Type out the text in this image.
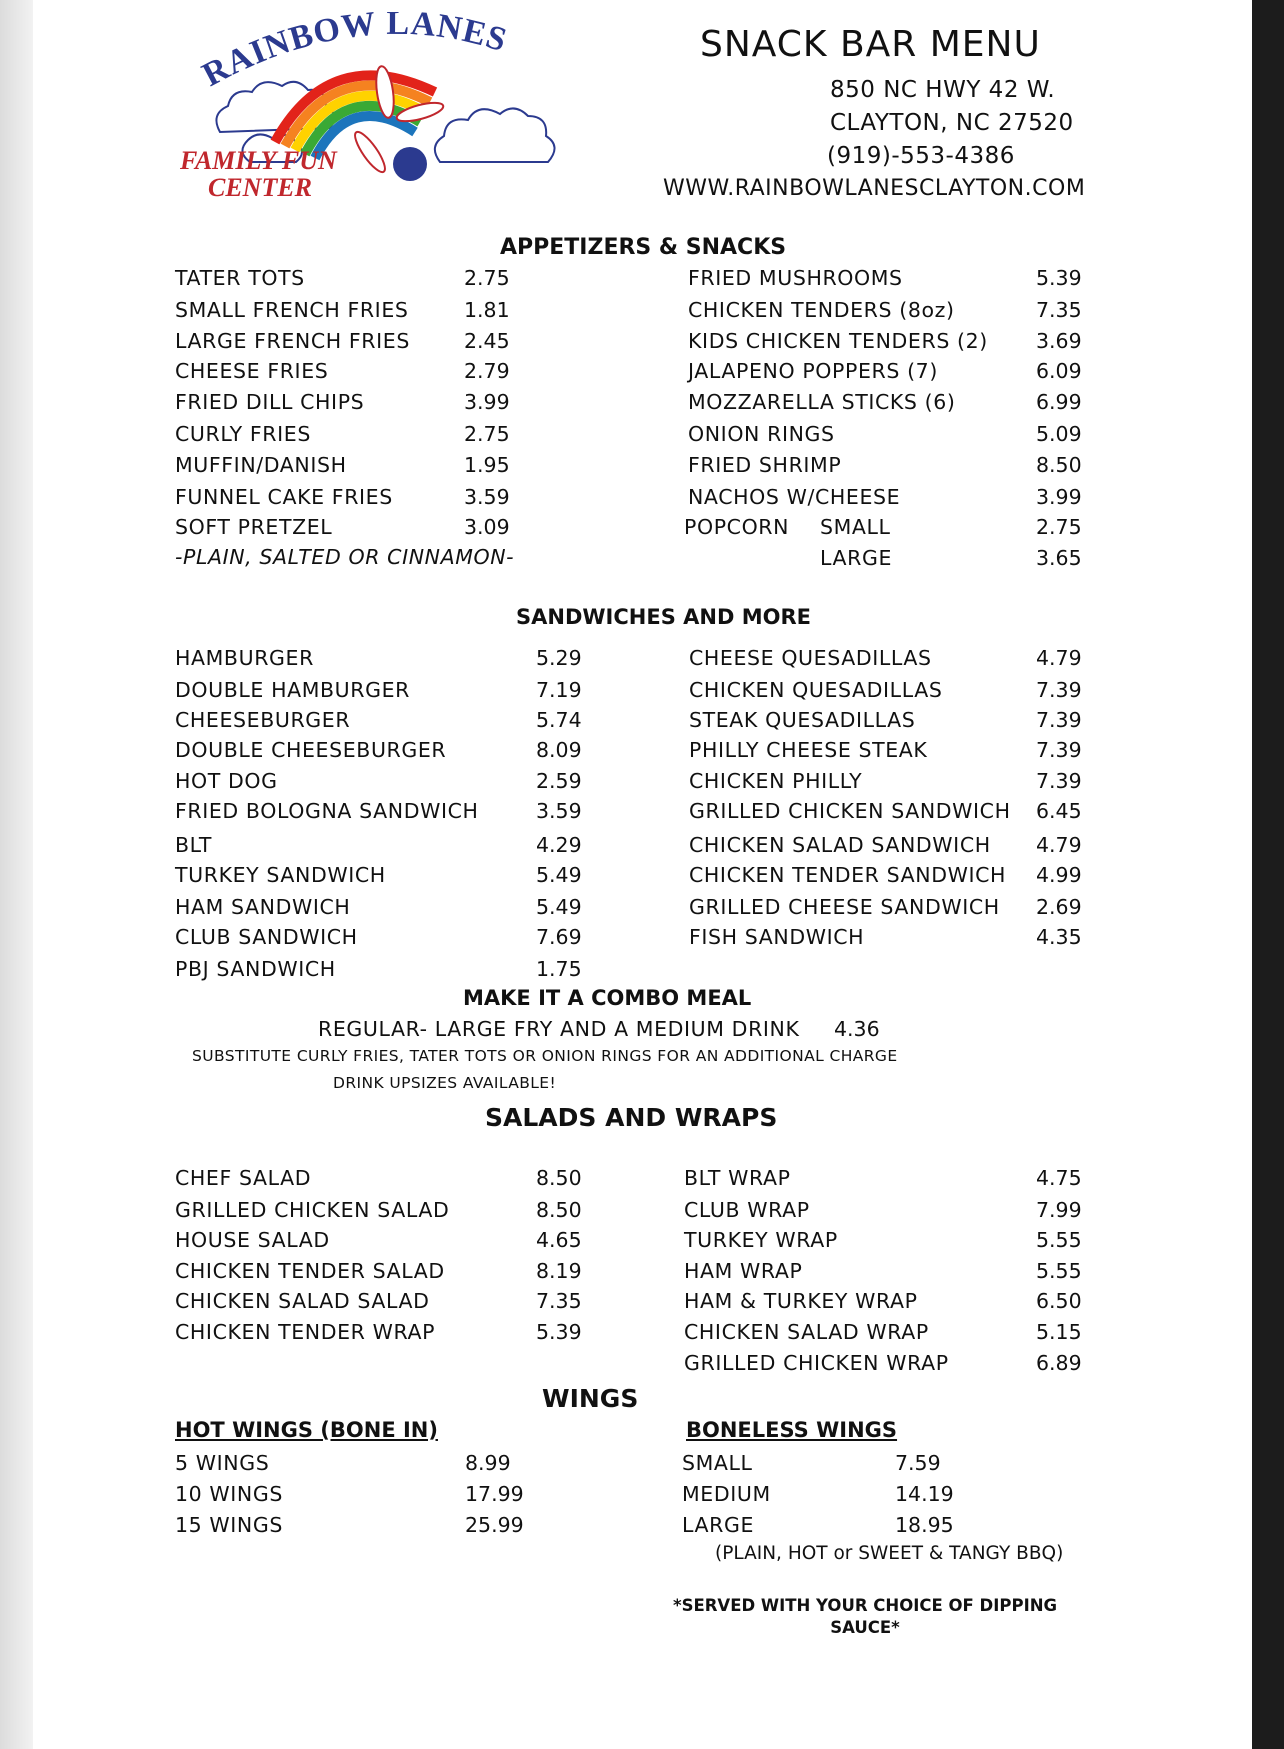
RAINBOW LANES
FAMILY FUN
CENTER
SNACK BAR MENU
850 NC HWY 42 W.
CLAYTON, NC 27520
(919)-553-4386
WWW.RAINBOWLANESCLAYTON.COM
APPETIZERS & SNACKS
TATER TOTS	2.75
SMALL FRENCH FRIES	1.81
LARGE FRENCH FRIES	2.45
CHEESE FRIES	2.79
FRIED DILL CHIPS	3.99
CURLY FRIES	2.75
MUFFIN/DANISH	1.95
FUNNEL CAKE FRIES	3.59
SOFT PRETZEL	3.09
FRIED MUSHROOMS	5.39
CHICKEN TENDERS (8oz)	7.35
KIDS CHICKEN TENDERS (2) 3.69
JALAPENO POPPERS (7)	6.09
MOZZARELLA STICKS (6)	6.99
ONION RINGS	5.09
FRIED SHRIMP	8.50
NACHOS W/CHEESE	3.99
-PLAIN, SALTED OR CINNAMON-
POPCORN SMALL	2.75
LARGE	3.65
SANDWICHES AND MORE
HAMBURGER	5.29
DOUBLE HAMBURGER	7.19
CHEESEBURGER	5.74
DOUBLE CHEESEBURGER	8.09
HOT DOG	2.59
FRIED BOLOGNA SANDWICH	3.59
BLT	4.29
TURKEY SANDWICH	5.49
HAM SANDWICH	5.49
CLUB SANDWICH	7.69
PBJ SANDWICH	1.75
CHEESE QUESADILLAS	4.79
CHICKEN QUESADILLAS	7.39
STEAK QUESADILLAS	7.39
PHILLY CHEESE STEAK	7.39
CHICKEN PHILLY	7.39
GRILLED CHICKEN SANDWICH 6.45
CHICKEN SALAD SANDWICH 4.79
CHICKEN TENDER SANDWICH 4.99
GRILLED CHEESE SANDWICH 2.69
FISH SANDWICH	4.35
MAKE IT A COMBO MEAL
REGULAR- LARGE FRY AND A MEDIUM DRINK 4.36
SUBSTITUTE CURLY FRIES, TATER TOTS OR ONION RINGS FOR AN ADDITIONAL CHARGE
DRINK UPSIZES AVAILABLE!
SALADS AND WRAPS
CHEF SALAD	8.50
GRILLED CHICKEN SALAD	8.50
HOUSE SALAD	4.65
CHICKEN TENDER SALAD	8.19
CHICKEN SALAD SALAD	7.35
CHICKEN TENDER WRAP	5.39
BLT WRAP	4.75
CLUB WRAP	7.99
TURKEY WRAP	5.55
HAM WRAP	5.55
HAM & TURKEY WRAP	6.50
CHICKEN SALAD WRAP	5.15
GRILLED CHICKEN WRAP	6.89
WINGS
HOT WINGS (BONE IN)	BONELESS WINGS
5 WINGS	8.99
10 WINGS	17.99
15 WINGS	25.99
SMALL	7.59
MEDIUM	14.19
LARGE	18.95
(PLAIN, HOT or SWEET & TANGY BBQ)
*SERVED WITH YOUR CHOICE OF DIPPING
SAUCE*
